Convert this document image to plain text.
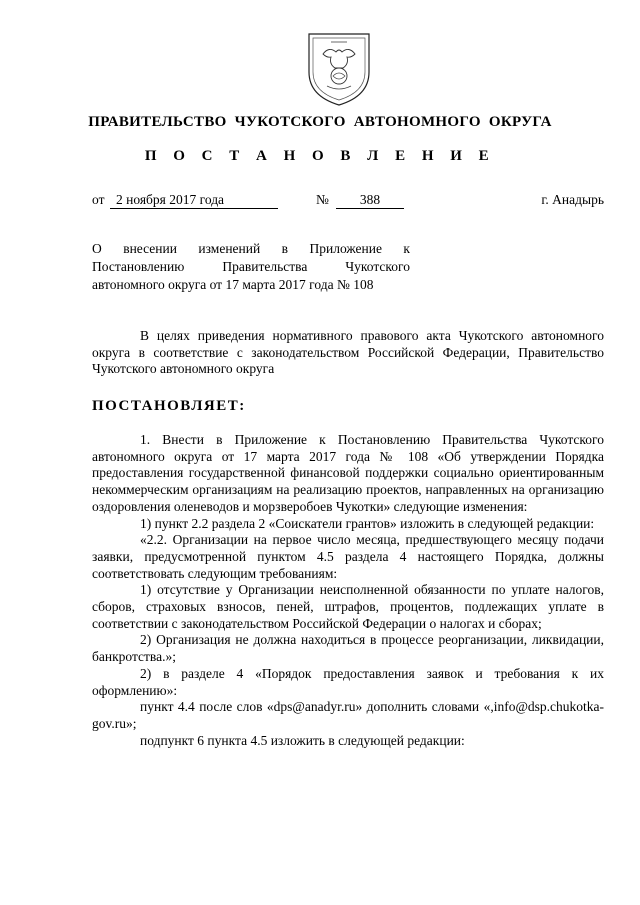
ПРАВИТЕЛЬСТВО ЧУКОТСКОГО АВТОНОМНОГО ОКРУГА
П О С Т А Н О В Л Е Н И Е
от 2 ноября 2017 года	№	388	г. Анадырь
О внесении изменений в Приложение к
Постановлению Правительства Чукотского
автономного округа от 17 марта 2017 года № 108

В целях приведения нормативного правового акта Чукотского автономного округа в соответствие с законодательством Российской Федерации, Правительство Чукотского автономного округа

ПОСТАНОВЛЯЕТ:

1. Внести в Приложение к Постановлению Правительства Чукотского автономного округа от 17 марта 2017 года № 108 «Об утверждении Порядка предоставления государственной финансовой поддержки социально ориентированным некоммерческим организациям на реализацию проектов, направленных на организацию оздоровления оленеводов и морзверобоев Чукотки» следующие изменения:

1) пункт 2.2 раздела 2 «Соискатели грантов» изложить в следующей редакции:

«2.2. Организации на первое число месяца, предшествующего месяцу подачи заявки, предусмотренной пунктом 4.5 раздела 4 настоящего Порядка, должны соответствовать следующим требованиям:

1) отсутствие у Организации неисполненной обязанности по уплате налогов, сборов, страховых взносов, пеней, штрафов, процентов, подлежащих уплате в соответствии с законодательством Российской Федерации о налогах и сборах;

2) Организация не должна находиться в процессе реорганизации, ликвидации, банкротства.»;

2) в разделе 4 «Порядок предоставления заявок и требования к их оформлению»:

пункт 4.4 после слов «dps@anadyr.ru» дополнить словами «,info@dsp.chukotka-gov.ru»;

подпункт 6 пункта 4.5 изложить в следующей редакции:
